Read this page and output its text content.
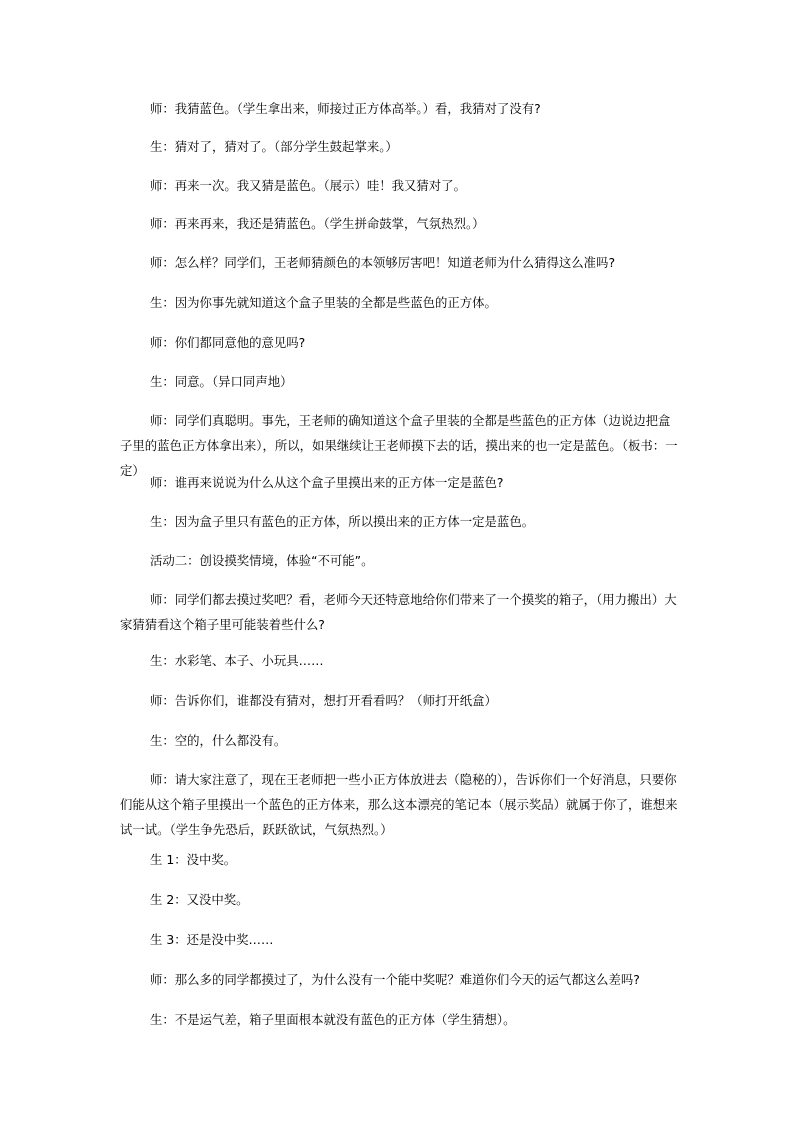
师：我猜蓝色。（学生拿出来，师接过正方体高举。）看，我猜对了没有?

生：猜对了，猜对了。（部分学生鼓起掌来。）

师：再来一次。我又猜是蓝色。（展示）哇！我又猜对了。

师：再来再来，我还是猜蓝色。（学生拼命鼓掌，气氛热烈。）

师：怎么样？同学们，王老师猜颜色的本领够厉害吧！知道老师为什么猜得这么准吗?

生：因为你事先就知道这个盒子里装的全都是些蓝色的正方体。

师：你们都同意他的意见吗?

生：同意。（异口同声地）

师：同学们真聪明。事先，王老师的确知道这个盒子里装的全都是些蓝色的正方体（边说边把盒子里的蓝色正方体拿出来），所以，如果继续让王老师摸下去的话，摸出来的也一定是蓝色。（板书：一定）

师：谁再来说说为什么从这个盒子里摸出来的正方体一定是蓝色?

生：因为盒子里只有蓝色的正方体，所以摸出来的正方体一定是蓝色。

活动二：创设摸奖情境，体验“不可能”。

师：同学们都去摸过奖吧？看，老师今天还特意地给你们带来了一个摸奖的箱子，（用力搬出）大家猜猜看这个箱子里可能装着些什么?

生：水彩笔、本子、小玩具……

师：告诉你们，谁都没有猜对，想打开看看吗？（师打开纸盒）

生：空的，什么都没有。

师：请大家注意了，现在王老师把一些小正方体放进去（隐秘的），告诉你们一个好消息，只要你们能从这个箱子里摸出一个蓝色的正方体来，那么这本漂亮的笔记本（展示奖品）就属于你了，谁想来试一试。（学生争先恐后，跃跃欲试，气氛热烈。）

生 1：没中奖。

生 2：又没中奖。

生 3：还是没中奖……

师：那么多的同学都摸过了，为什么没有一个能中奖呢？难道你们今天的运气都这么差吗?

生：不是运气差，箱子里面根本就没有蓝色的正方体（学生猜想）。
